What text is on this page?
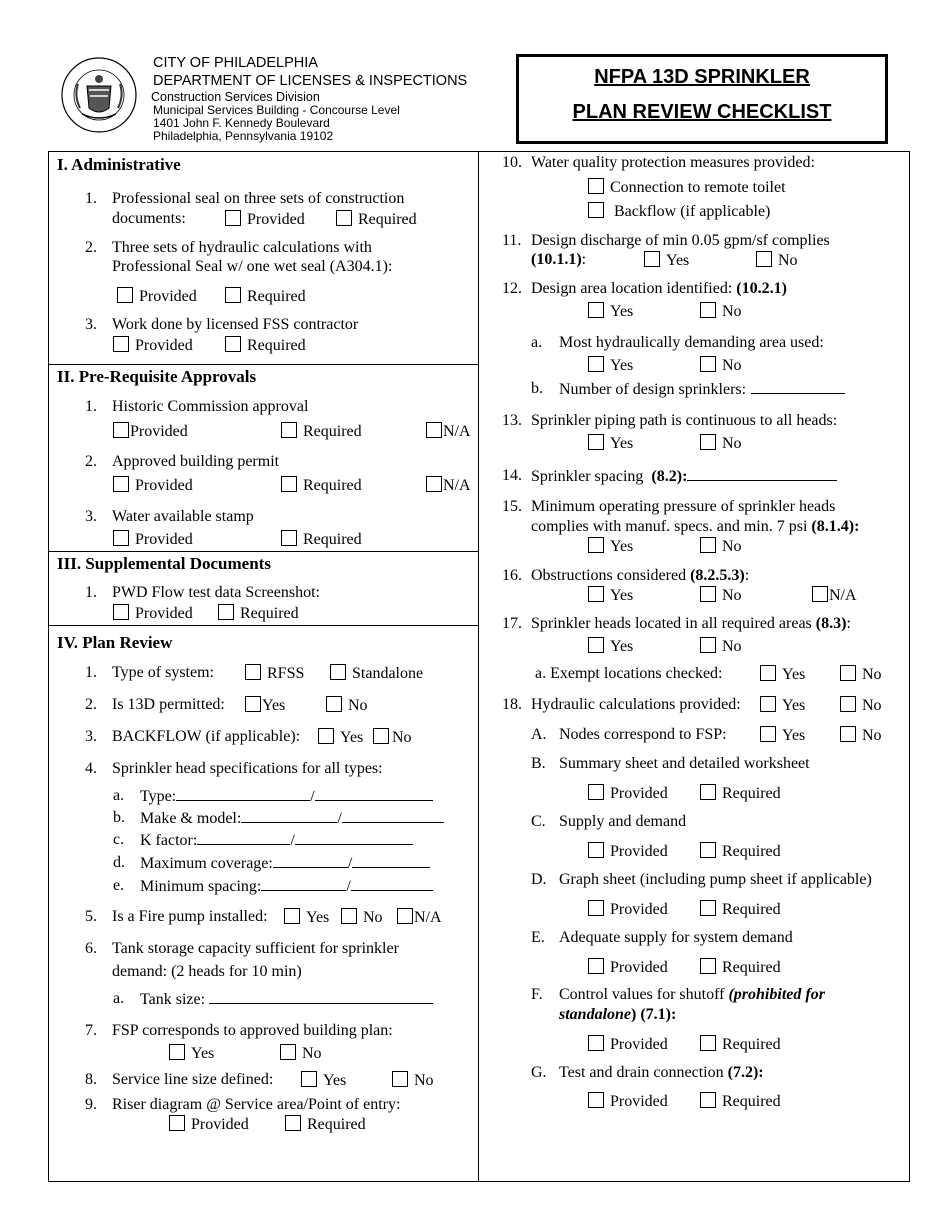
CITY OF PHILADELPHIA
DEPARTMENT OF LICENSES & INSPECTIONS
Construction Services Division
Municipal Services Building - Concourse Level
1401 John F. Kennedy Boulevard
Philadelphia, Pennsylvania 19102
NFPA 13D SPRINKLER
PLAN REVIEW CHECKLIST
I. Administrative
1. Professional seal on three sets of construction
documents:	Provided	Required
2. Three sets of hydraulic calculations with
Professional Seal w/ one wet seal (A304.1):
Provided	Required
3. Work done by licensed FSS contractor
Provided	Required
II. Pre-Requisite Approvals
1. Historic Commission approval
Provided	Required	N/A
2. Approved building permit
Provided	Required	N/A
3. Water available stamp
Provided	Required
III. Supplemental Documents
1. PWD Flow test data Screenshot:
Provided	Required
IV. Plan Review
1. Type of system:	RFSS	Standalone
2. Is 13D permitted:	Yes	No
3. BACKFLOW (if applicable):	Yes	No
4. Sprinkler head specifications for all types:
a. Type:	/
b. Make & model:	/
c. K factor:	/
d. Maximum coverage:	/
e. Minimum spacing:	/
5. Is a Fire pump installed:	Yes	No	N/A
6. Tank storage capacity sufficient for sprinkler
demand: (2 heads for 10 min)
a. Tank size:
7. FSP corresponds to approved building plan:
Yes	No
8. Service line size defined:	Yes	No
9. Riser diagram @ Service area/Point of entry:
Provided	Required
10. Water quality protection measures provided:
Connection to remote toilet
Backflow (if applicable)
11. Design discharge of min 0.05 gpm/sf complies
(10.1.1):	Yes	No
12. Design area location identified: (10.2.1)
Yes	No
a. Most hydraulically demanding area used:
Yes	No
b. Number of design sprinklers:
13. Sprinkler piping path is continuous to all heads:
Yes	No
14. Sprinkler spacing (8.2):
15. Minimum operating pressure of sprinkler heads
complies with manuf. specs. and min. 7 psi (8.1.4):
Yes	No
16. Obstructions considered (8.2.5.3):
Yes	No	N/A
17. Sprinkler heads located in all required areas (8.3):
Yes	No
a. Exempt locations checked:	Yes	No
18. Hydraulic calculations provided:	Yes	No
A. Nodes correspond to FSP:	Yes	No
B. Summary sheet and detailed worksheet
Provided	Required
C. Supply and demand
Provided	Required
D. Graph sheet (including pump sheet if applicable)
Provided	Required
E. Adequate supply for system demand
Provided	Required
F. Control values for shutoff (prohibited for
standalone) (7.1):
Provided	Required
G. Test and drain connection (7.2):
Provided	Required
